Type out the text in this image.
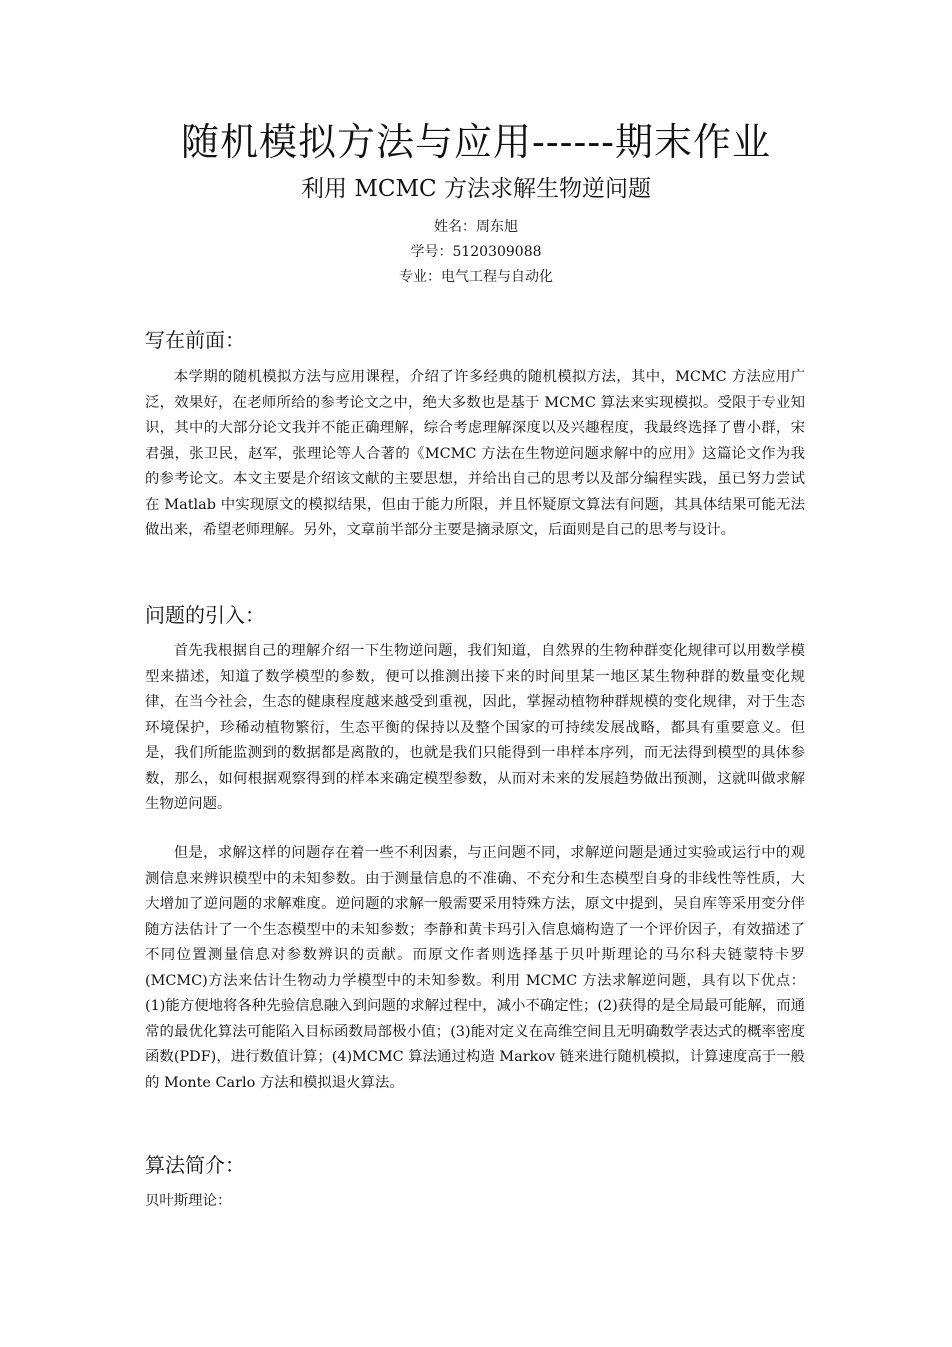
随机模拟方法与应用------期末作业
利用 MCMC 方法求解生物逆问题
姓名：周东旭
学号：5120309088
专业：电气工程与自动化
写在前面：

本学期的随机模拟方法与应用课程，介绍了许多经典的随机模拟方法，其中，MCMC 方法应用广泛，效果好，在老师所给的参考论文之中，绝大多数也是基于 MCMC 算法来实现模拟。受限于专业知识，其中的大部分论文我并不能正确理解，综合考虑理解深度以及兴趣程度，我最终选择了曹小群，宋君强，张卫民，赵军，张理论等人合著的《MCMC 方法在生物逆问题求解中的应用》这篇论文作为我的参考论文。本文主要是介绍该文献的主要思想，并给出自己的思考以及部分编程实践，虽已努力尝试在 Matlab 中实现原文的模拟结果，但由于能力所限，并且怀疑原文算法有问题，其具体结果可能无法做出来，希望老师理解。另外，文章前半部分主要是摘录原文，后面则是自己的思考与设计。

问题的引入：

首先我根据自己的理解介绍一下生物逆问题，我们知道，自然界的生物种群变化规律可以用数学模型来描述，知道了数学模型的参数，便可以推测出接下来的时间里某一地区某生物种群的数量变化规律，在当今社会，生态的健康程度越来越受到重视，因此，掌握动植物种群规模的变化规律，对于生态环境保护，珍稀动植物繁衍，生态平衡的保持以及整个国家的可持续发展战略，都具有重要意义。但是，我们所能监测到的数据都是离散的，也就是我们只能得到一串样本序列，而无法得到模型的具体参数，那么，如何根据观察得到的样本来确定模型参数，从而对未来的发展趋势做出预测，这就叫做求解生物逆问题。

但是，求解这样的问题存在着一些不利因素，与正问题不同，求解逆问题是通过实验或运行中的观测信息来辨识模型中的未知参数。由于测量信息的不准确、不充分和生态模型自身的非线性等性质，大大增加了逆问题的求解难度。逆问题的求解一般需要采用特殊方法，原文中提到，吴自库等采用变分伴随方法估计了一个生态模型中的未知参数；李静和黄卡玛引入信息熵构造了一个评价因子，有效描述了不同位置测量信息对参数辨识的贡献。而原文作者则选择基于贝叶斯理论的马尔科夫链蒙特卡罗(MCMC)方法来估计生物动力学模型中的未知参数。利用 MCMC 方法求解逆问题，具有以下优点：(1)能方便地将各种先验信息融入到问题的求解过程中，减小不确定性；(2)获得的是全局最可能解，而通常的最优化算法可能陷入目标函数局部极小值；(3)能对定义在高维空间且无明确数学表达式的概率密度函数(PDF)，进行数值计算；(4)MCMC 算法通过构造 Markov 链来进行随机模拟，计算速度高于一般的 Monte Carlo 方法和模拟退火算法。

算法简介：
贝叶斯理论：
